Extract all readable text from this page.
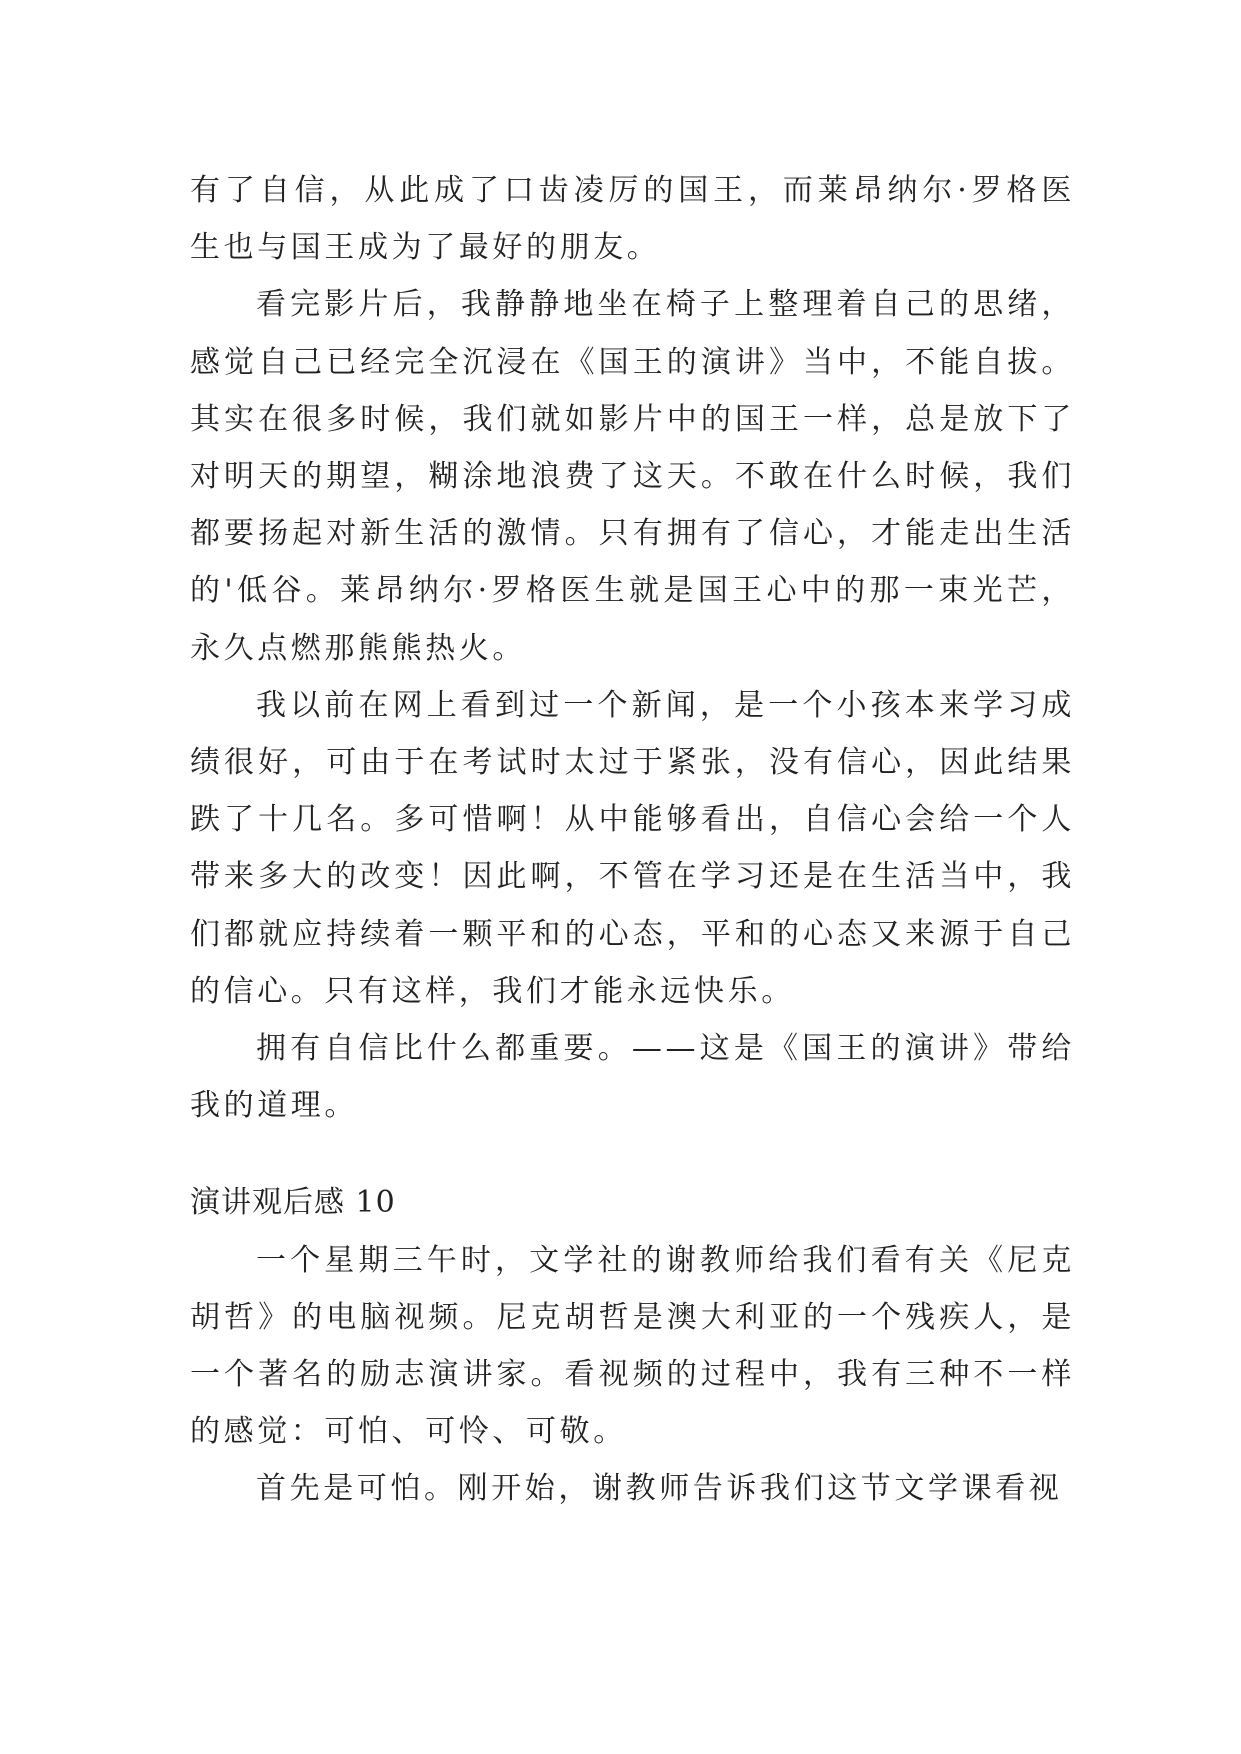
有了自信，从此成了口齿凌厉的国王，而莱昂纳尔·罗格医生也与国王成为了最好的朋友。

看完影片后，我静静地坐在椅子上整理着自己的思绪，感觉自己已经完全沉浸在《国王的演讲》当中，不能自拔。其实在很多时候，我们就如影片中的国王一样，总是放下了对明天的期望，糊涂地浪费了这天。不敢在什么时候，我们都要扬起对新生活的激情。只有拥有了信心，才能走出生活的'低谷。莱昂纳尔·罗格医生就是国王心中的那一束光芒，永久点燃那熊熊热火。

我以前在网上看到过一个新闻，是一个小孩本来学习成绩很好，可由于在考试时太过于紧张，没有信心，因此结果跌了十几名。多可惜啊！从中能够看出，自信心会给一个人带来多大的改变！因此啊，不管在学习还是在生活当中，我们都就应持续着一颗平和的心态，平和的心态又来源于自己的信心。只有这样，我们才能永远快乐。

拥有自信比什么都重要。——这是《国王的演讲》带给我的道理。

演讲观后感 10

一个星期三午时，文学社的谢教师给我们看有关《尼克胡哲》的电脑视频。尼克胡哲是澳大利亚的一个残疾人，是一个著名的励志演讲家。看视频的过程中，我有三种不一样的感觉：可怕、可怜、可敬。

首先是可怕。刚开始，谢教师告诉我们这节文学课看视
